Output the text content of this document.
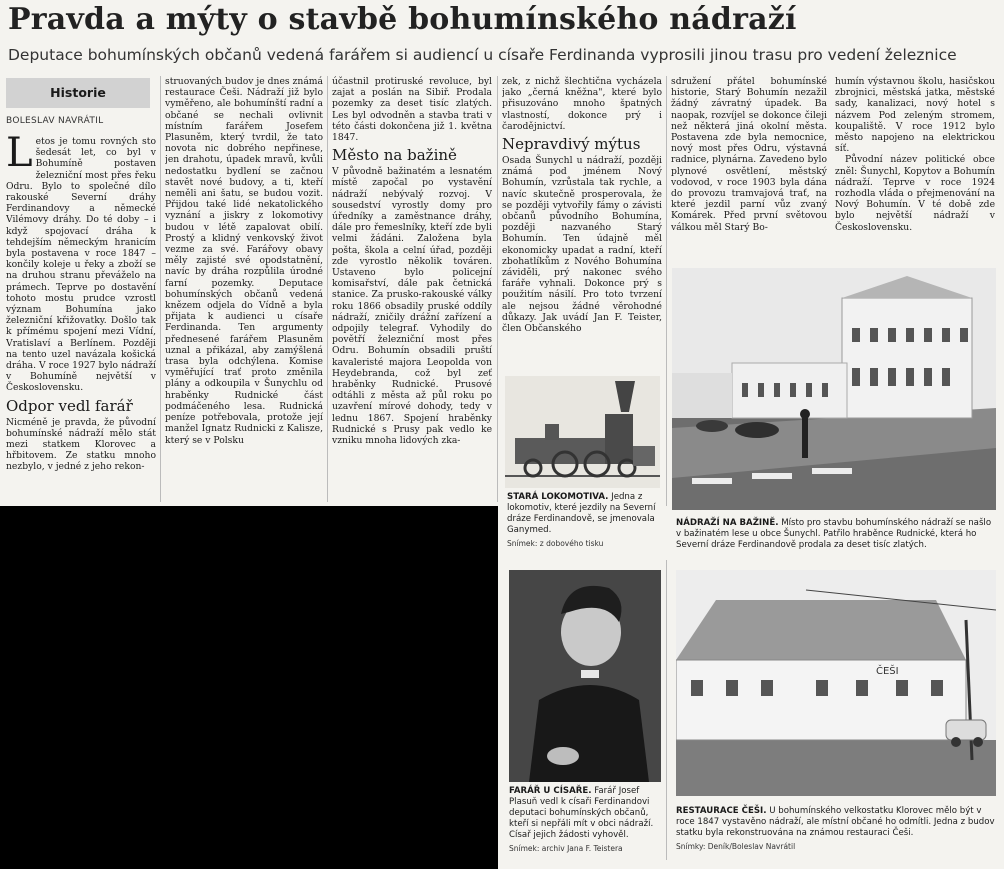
Pravda a mýty o stavbě bohumínského nádraží
Deputace bohumínských občanů vedená farářem si audiencí u císaře Ferdinanda vyprosili jinou trasu pro vedení železnice
Historie
BOLESLAV NAVRÁTIL

Letos je tomu rovných sto šedesát let, co byl v Bohumíně postaven železniční most přes řeku Odru. Bylo to společné dílo rakouské Severní dráhy Ferdinandovy a německé Vilémovy dráhy. Do té doby – i když spojovací dráha k tehdejším německým hranicím byla postavena v roce 1847 – končily koleje u řeky a zboží se na druhou stranu převáželo na prámech. Teprve po dostavění tohoto mostu prudce vzrostl význam Bohumína jako železniční křižovatky. Došlo tak k přímému spojení mezi Vídní, Vratislaví a Berlínem. Později na tento uzel navázala košická dráha. V roce 1927 bylo nádraží v Bohumíně největší v Československu.

Odpor vedl farář

Nicméně je pravda, že původní bohumínské nádraží mělo stát mezi statkem Klorovec a hřbitovem. Ze statku mnoho nezbylo, v jedné z jeho rekon-

struovaných budov je dnes známá restaurace Češi. Nádraží již bylo vyměřeno, ale bohumínští radní a občané se nechali ovlivnit místním farářem Josefem Plasuněm, který tvrdil, že tato novota nic dobrého nepřinese, jen drahotu, úpadek mravů, kvůli nedostatku bydlení se začnou stavět nové budovy, a ti, kteří neměli ani šatu, se budou vozit. Přijdou také lidé nekatolického vyznání a jiskry z lokomotivy budou v létě zapalovat obilí. Prostý a klidný venkovský život vezme za své. Farářovy obavy měly zajisté své opodstatnění, navíc by dráha rozpůlila úrodné farní pozemky. Deputace bohumínských občanů vedená knězem odjela do Vídně a byla přijata k audienci u císaře Ferdinanda. Ten argumenty přednesené farářem Plasuněm uznal a přikázal, aby zamýšlená trasa byla odchýlena. Komise vyměřující trať proto změnila plány a odkoupila v Šunychlu od hraběnky Rudnické část podmáčeného lesa. Rudnická peníze potřebovala, protože její manžel Ignatz Rudnicki z Kalisze, který se v Polsku

účastnil protiruské revoluce, byl zajat a poslán na Sibiř. Prodala pozemky za deset tisíc zlatých. Les byl odvodněn a stavba trati v této části dokončena již 1. května 1847.

Město na bažině

V původně bažinatém a lesnatém místě započal po vystavění nádraží nebývalý rozvoj. V sousedství vyrostly domy pro úředníky a zaměstnance dráhy, dále pro řemeslníky, kteří zde byli velmi žádáni. Založena byla pošta, škola a celní úřad, později zde vyrostlo několik továren. Ustaveno bylo policejní komisařství, dále pak četnická stanice. Za prusko-rakouské války roku 1866 obsadily pruské oddíly nádraží, zničily drážní zařízení a odpojily telegraf. Vyhodily do povětří železniční most přes Odru. Bohumín obsadili pruští kavaleristé majora Leopolda von Heydebranda, což byl zeť hraběnky Rudnické. Prusové odtáhli z města až půl roku po uzavření mírové dohody, tedy v lednu 1867. Spojení hraběnky Rudnické s Prusy pak vedlo ke vzniku mnoha lidových zka-

zek, z nichž šlechtična vycházela jako „černá kněžna", které bylo přisuzováno mnoho špatných vlastností, dokonce prý i čarodějnictví.

Nepravdivý mýtus

Osada Šunychl u nádraží, později známá pod jménem Nový Bohumín, vzrůstala tak rychle, a navíc skutečně prosperovala, že se později vytvořily fámy o závisti občanů původního Bohumína, později nazvaného Starý Bohumín. Ten údajně měl ekonomicky upadat a radní, kteří zbohatlíkům z Nového Bohumína záviděli, prý nakonec svého faráře vyhnali. Dokonce prý s použitím násilí. Pro toto tvrzení ale nejsou žádné věrohodné důkazy. Jak uvádí Jan F. Teister, člen Občanského

sdružení přátel bohumínské historie, Starý Bohumín nezažil žádný závratný úpadek. Ba naopak, rozvíjel se dokonce čileji než některá jiná okolní města. Postavena zde byla nemocnice, nový most přes Odru, výstavná radnice, plynárna. Zavedeno bylo plynové osvětlení, městský vodovod, v roce 1903 byla dána do provozu tramvajová trať, na které jezdil parní vůz zvaný Komárek. Před první světovou válkou měl Starý Bo-

humín výstavnou školu, hasičskou zbrojnici, městská jatka, městské sady, kanalizaci, nový hotel s názvem Pod zeleným stromem, koupaliště. V roce 1912 bylo město napojeno na elektrickou síť.

Původní název politické obce zněl: Šunychl, Kopytov a Bohumín nádraží. Teprve v roce 1924 rozhodla vláda o přejmenování na Nový Bohumín. V té době zde bylo největší nádraží v Československu.

STARÁ LOKOMOTIVA. Jedna z lokomotiv, které jezdily na Severní dráze Ferdinandově, se jmenovala Ganymed.
Snímek: z dobového tisku
NÁDRAŽÍ NA BAŽINĚ. Místo pro stavbu bohumínského nádraží se našlo v bažinatém lese u obce Šunychl. Patřilo hraběnce Rudnické, která ho Severní dráze Ferdinandově prodala za deset tisíc zlatých.
FARÁŘ U CÍSAŘE. Farář Josef Plasuň vedl k císaři Ferdinandovi deputaci bohumínských občanů, kteří si nepřáli mít v obci nádraží. Císař jejich žádosti vyhověl.
Snímek: archiv Jana F. Teistera
ČEŠI
RESTAURACE ČEŠI. U bohumínského velkostatku Klorovec mělo být v roce 1847 vystavěno nádraží, ale místní občané ho odmítli. Jedna z budov statku byla rekonstruována na známou restauraci Češi.
Snímky: Deník/Boleslav Navrátil
